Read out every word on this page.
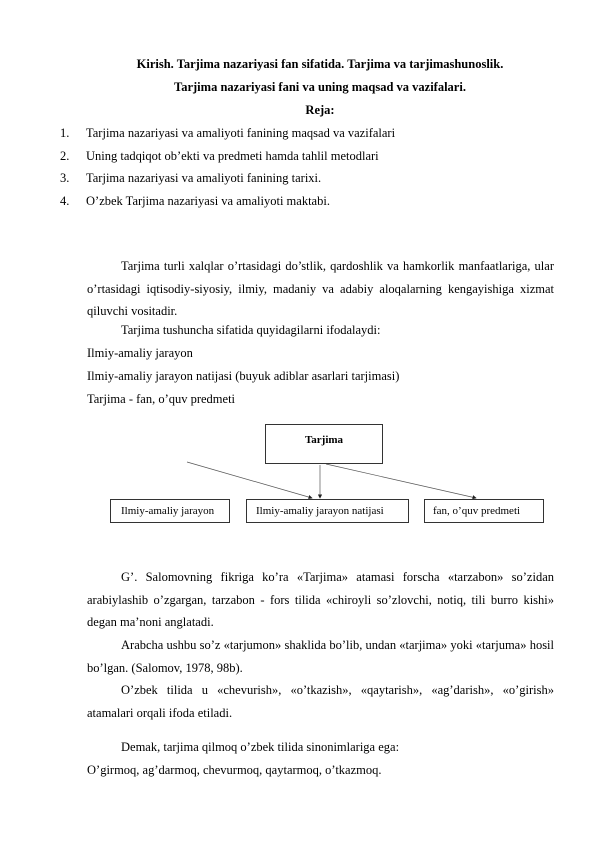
Kirish. Tarjima nazariyasi fan sifatida. Tarjima va tarjimashunoslik.
Tarjima nazariyasi fani va uning maqsad va vazifalari.
Reja:
1.	Tarjima nazariyasi va amaliyoti fanining maqsad va vazifalari
2.	Uning tadqiqot ob’ekti va predmeti hamda tahlil metodlari
3.	Tarjima nazariyasi va amaliyoti fanining tarixi.
4.	O’zbek Tarjima nazariyasi va amaliyoti maktabi.

Tarjima turli xalqlar o’rtasidagi do’stlik, qardoshlik va hamkorlik manfaatlariga, ular o’rtasidagi iqtisodiy-siyosiy, ilmiy, madaniy va adabiy aloqalarning kengayishiga xizmat qiluvchi vositadir.

Tarjima tushuncha sifatida quyidagilarni ifodalaydi:

Ilmiy-amaliy jarayon

Ilmiy-amaliy jarayon natijasi (buyuk adiblar asarlari tarjimasi)

Tarjima - fan, o’quv predmeti

Tarjima
Ilmiy-amaliy jarayon	Ilmiy-amaliy jarayon natijasi	fan, o’quv predmeti

G’. Salomovning fikriga ko’ra «Tarjima» atamasi forscha «tarzabon» so’zidan arabiylashib o’zgargan, tarzabon - fors tilida «chiroyli so’zlovchi, notiq, tili burro kishi» degan ma’noni anglatadi.

Arabcha ushbu so’z «tarjumon» shaklida bo’lib, undan «tarjima» yoki «tarjuma» hosil bo’lgan. (Salomov, 1978, 98b).

O’zbek tilida u «chevurish», «o’tkazish», «qaytarish», «ag’darish», «o’girish» atamalari orqali ifoda etiladi.

Demak, tarjima qilmoq o’zbek tilida sinonimlariga ega:

O’girmoq, ag’darmoq, chevurmoq, qaytarmoq, o’tkazmoq.
